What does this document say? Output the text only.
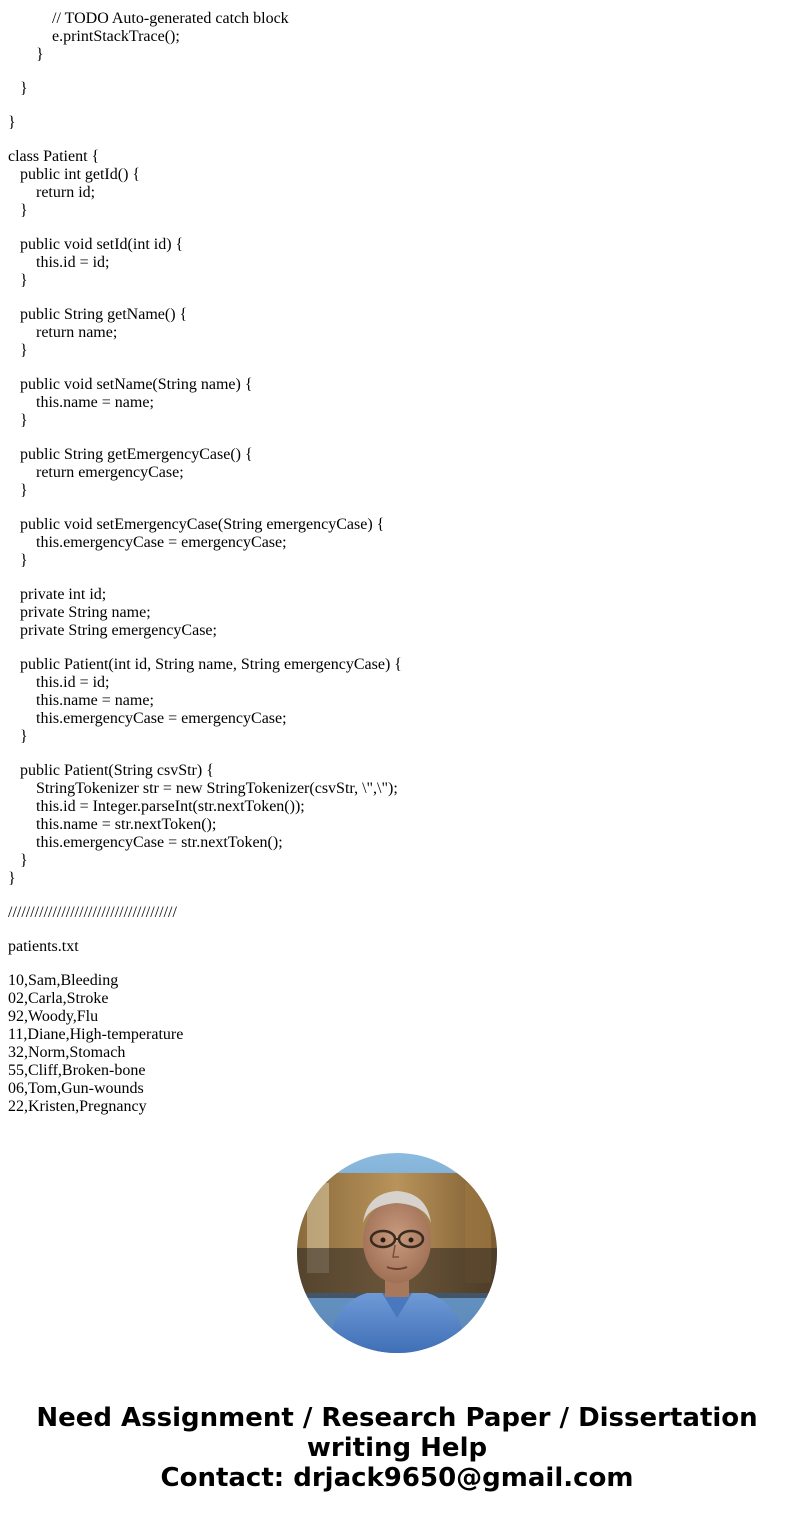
// TODO Auto-generated catch block
e.printStackTrace();
}
}
}
class Patient {
public int getId() {
return id;
}
public void setId(int id) {
this.id = id;
}
public String getName() {
return name;
}
public void setName(String name) {
this.name = name;
}
public String getEmergencyCase() {
return emergencyCase;
}
public void setEmergencyCase(String emergencyCase) {
this.emergencyCase = emergencyCase;
}
private int id;
private String name;
private String emergencyCase;
public Patient(int id, String name, String emergencyCase) {
this.id = id;
this.name = name;
this.emergencyCase = emergencyCase;
}
public Patient(String csvStr) {
StringTokenizer str = new StringTokenizer(csvStr, \",\");
this.id = Integer.parseInt(str.nextToken());
this.name = str.nextToken();
this.emergencyCase = str.nextToken();
}
}
//////////////////////////////////////
patients.txt
10,Sam,Bleeding
02,Carla,Stroke
92,Woody,Flu
11,Diane,High-temperature
32,Norm,Stomach
55,Cliff,Broken-bone
06,Tom,Gun-wounds
22,Kristen,Pregnancy
Need Assignment / Research Paper / Dissertation
writing Help
Contact: drjack9650@gmail.com
